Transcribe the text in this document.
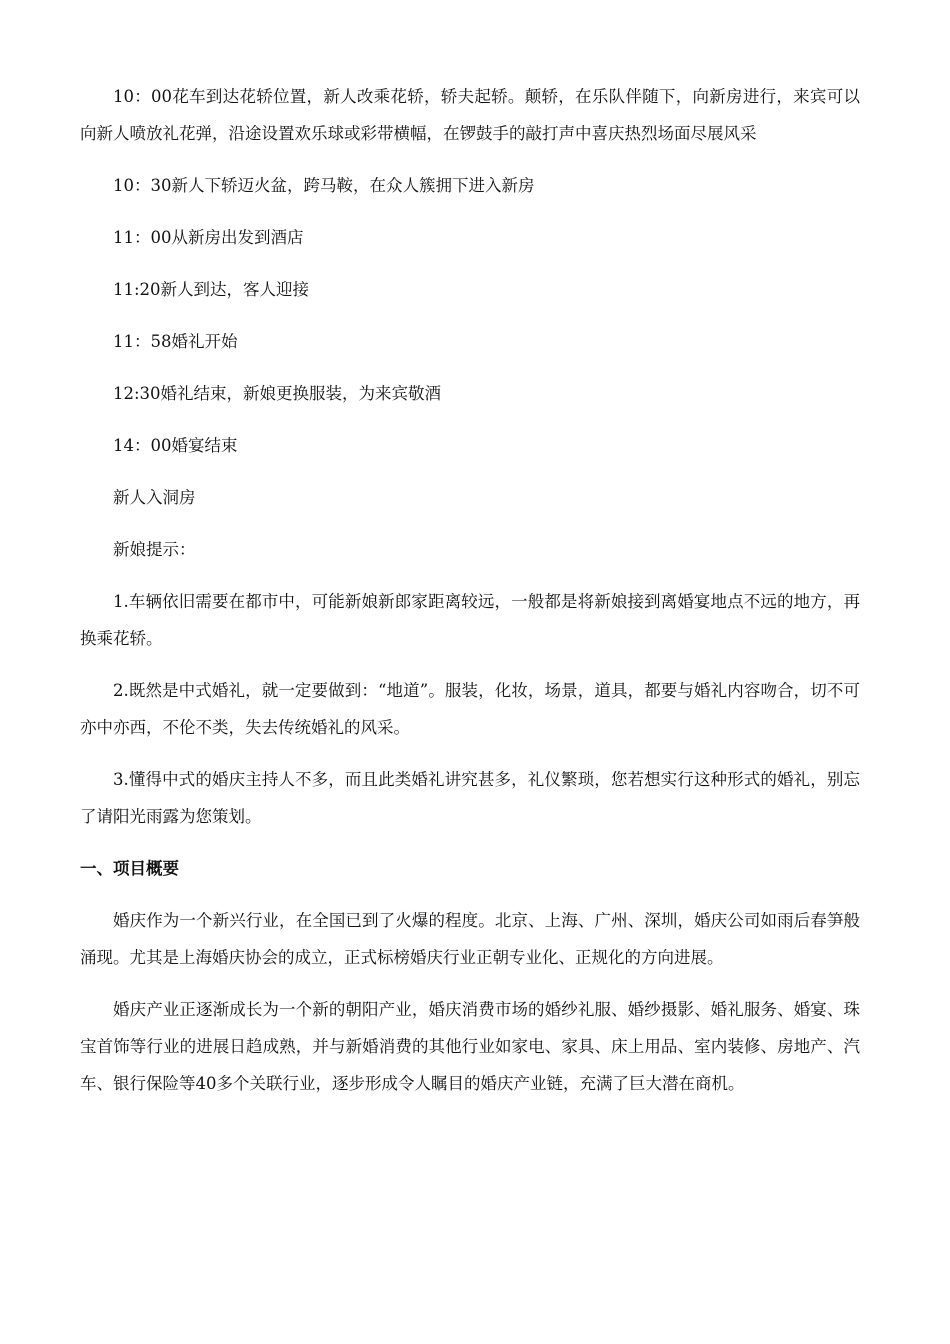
10：00花车到达花轿位置，新人改乘花轿，轿夫起轿。颠轿，在乐队伴随下，向新房进行，来宾可以向新人喷放礼花弹，沿途设置欢乐球或彩带横幅，在锣鼓手的敲打声中喜庆热烈场面尽展风采

10：30新人下轿迈火盆，跨马鞍，在众人簇拥下进入新房

11：00从新房出发到酒店

11:20新人到达，客人迎接

11：58婚礼开始

12:30婚礼结束，新娘更换服装，为来宾敬酒

14：00婚宴结束

新人入洞房

新娘提示：

1.车辆依旧需要在都市中，可能新娘新郎家距离较远，一般都是将新娘接到离婚宴地点不远的地方，再换乘花轿。

2.既然是中式婚礼，就一定要做到：“地道”。服装，化妆，场景，道具，都要与婚礼内容吻合，切不可亦中亦西，不伦不类，失去传统婚礼的风采。

3.懂得中式的婚庆主持人不多，而且此类婚礼讲究甚多，礼仪繁琐，您若想实行这种形式的婚礼，别忘了请阳光雨露为您策划。

一、项目概要

婚庆作为一个新兴行业，在全国已到了火爆的程度。北京、上海、广州、深圳，婚庆公司如雨后春笋般涌现。尤其是上海婚庆协会的成立，正式标榜婚庆行业正朝专业化、正规化的方向进展。

婚庆产业正逐渐成长为一个新的朝阳产业，婚庆消费市场的婚纱礼服、婚纱摄影、婚礼服务、婚宴、珠宝首饰等行业的进展日趋成熟，并与新婚消费的其他行业如家电、家具、床上用品、室内装修、房地产、汽车、银行保险等40多个关联行业，逐步形成令人瞩目的婚庆产业链，充满了巨大潜在商机。
